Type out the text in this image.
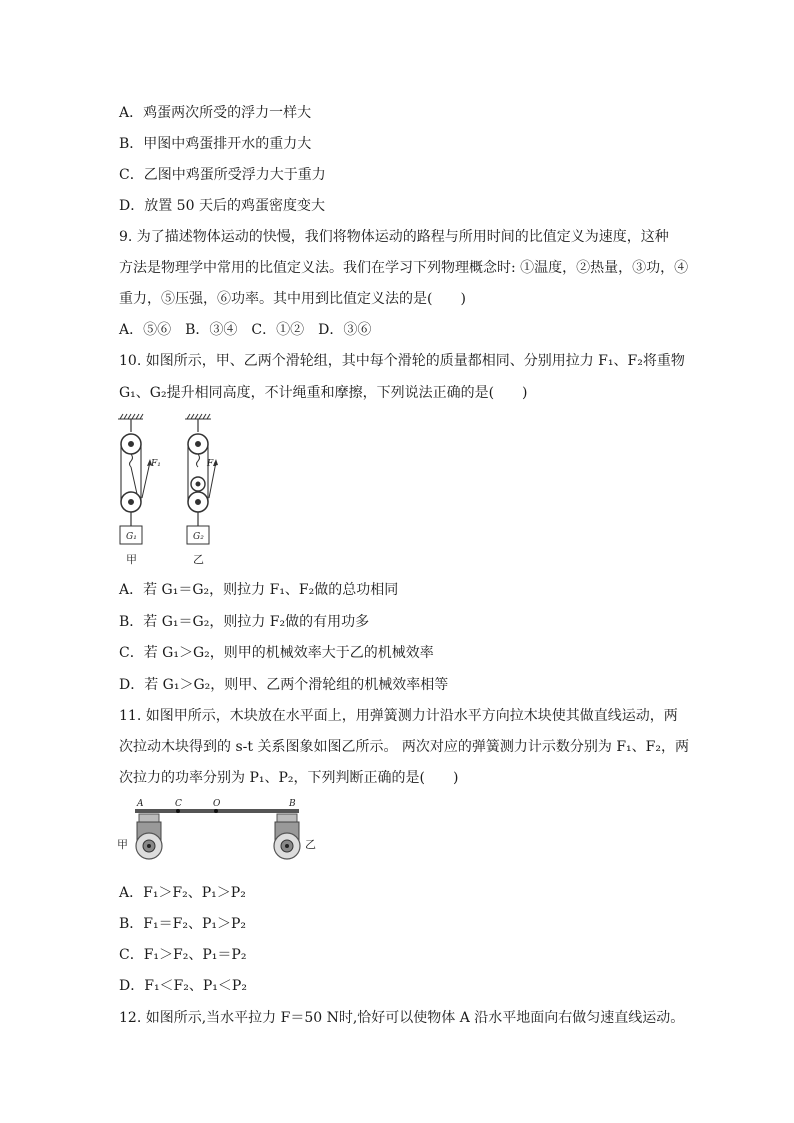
A．鸡蛋两次所受的浮力一样大
B．甲图中鸡蛋排开水的重力大
C．乙图中鸡蛋所受浮力大于重力
D．放置 50 天后的鸡蛋密度变大
9. 为了描述物体运动的快慢，我们将物体运动的路程与所用时间的比值定义为速度，这种
方法是物理学中常用的比值定义法。我们在学习下列物理概念时: ①温度，②热量，③功，④
重力，⑤压强，⑥功率。其中用到比值定义法的是(　　)
A．⑤⑥　B．③④　C．①②　D．③⑥
10. 如图所示，甲、乙两个滑轮组，其中每个滑轮的质量都相同、分别用拉力 F₁、F₂将重物
G₁、G₂提升相同高度，不计绳重和摩擦，下列说法正确的是(　　)
F₁
G₁
甲
F₂
G₂
乙
A．若 G₁＝G₂，则拉力 F₁、F₂做的总功相同
B．若 G₁＝G₂，则拉力 F₂做的有用功多
C．若 G₁＞G₂，则甲的机械效率大于乙的机械效率
D．若 G₁＞G₂，则甲、乙两个滑轮组的机械效率相等
11. 如图甲所示，木块放在水平面上，用弹簧测力计沿水平方向拉木块使其做直线运动，两
次拉动木块得到的 s-t 关系图象如图乙所示。 两次对应的弹簧测力计示数分别为 F₁、F₂，两
次拉力的功率分别为 P₁、P₂，下列判断正确的是(　　)
A	C	O	B
甲	乙
A．F₁＞F₂、P₁＞P₂
B．F₁＝F₂、P₁＞P₂
C．F₁＞F₂、P₁＝P₂
D．F₁＜F₂、P₁＜P₂
12. 如图所示,当水平拉力 F＝50 N时,恰好可以使物体 A 沿水平地面向右做匀速直线运动。
